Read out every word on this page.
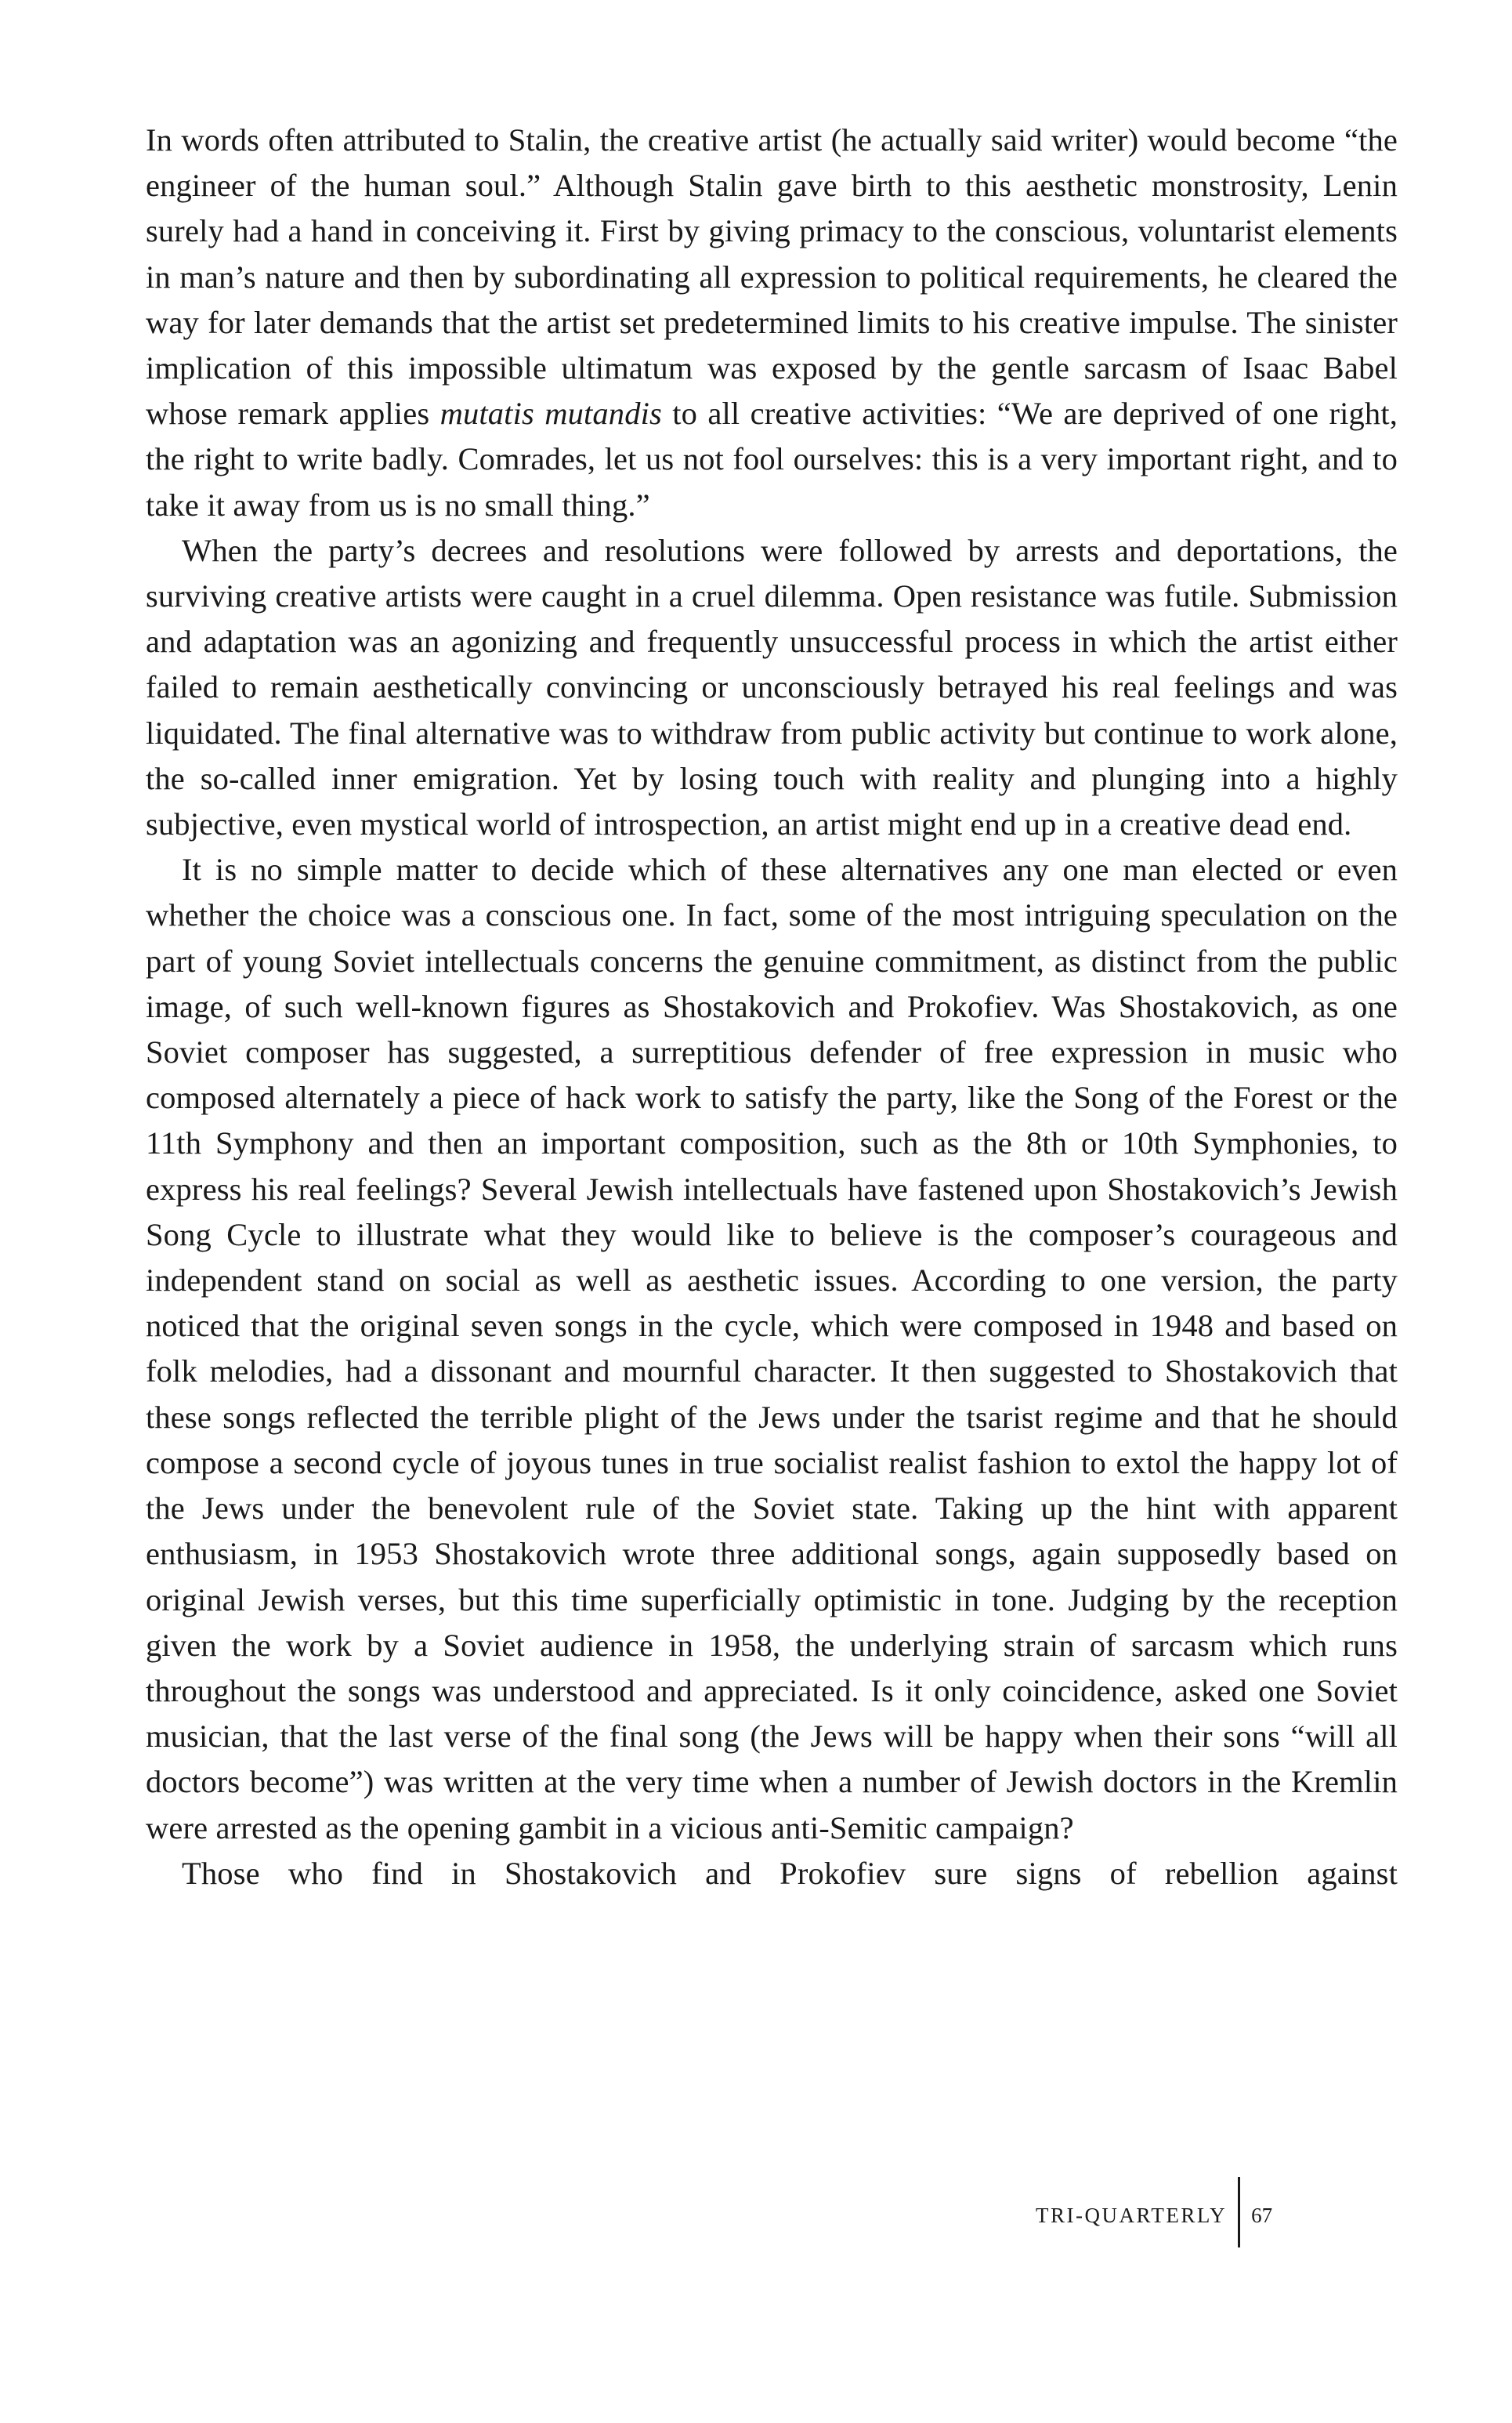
In words often attributed to Stalin, the creative artist (he actually said writer) would become “the engineer of the human soul.” Although Stalin gave birth to this aesthetic monstrosity, Lenin surely had a hand in conceiving it. First by giving primacy to the conscious, voluntarist elements in man’s nature and then by subordinating all expression to political requirements, he cleared the way for later demands that the artist set predetermined limits to his creative impulse. The sinister implication of this impossible ultimatum was exposed by the gentle sarcasm of Isaac Babel whose remark applies mutatis mutandis to all creative activities: “We are deprived of one right, the right to write badly. Comrades, let us not fool ourselves: this is a very important right, and to take it away from us is no small thing.”

When the party’s decrees and resolutions were followed by arrests and deportations, the surviving creative artists were caught in a cruel dilemma. Open resistance was futile. Submission and adaptation was an agonizing and frequently unsuccessful process in which the artist either failed to remain aesthetically convincing or unconsciously betrayed his real feelings and was liquidated. The final alternative was to withdraw from public activity but continue to work alone, the so-called inner emigration. Yet by losing touch with reality and plunging into a highly subjective, even mystical world of introspection, an artist might end up in a creative dead end.

It is no simple matter to decide which of these alternatives any one man elected or even whether the choice was a conscious one. In fact, some of the most intriguing speculation on the part of young Soviet intellectuals concerns the genuine commitment, as distinct from the public image, of such well-known figures as Shostakovich and Prokofiev. Was Shostakovich, as one Soviet composer has suggested, a surreptitious defender of free expression in music who composed alternately a piece of hack work to satisfy the party, like the Song of the Forest or the 11th Symphony and then an important composition, such as the 8th or 10th Symphonies, to express his real feelings? Several Jewish intellectuals have fastened upon Shostakovich’s Jewish Song Cycle to illustrate what they would like to believe is the composer’s courageous and independent stand on social as well as aesthetic issues. According to one version, the party noticed that the original seven songs in the cycle, which were composed in 1948 and based on folk melodies, had a dissonant and mournful character. It then suggested to Shostakovich that these songs reflected the terrible plight of the Jews under the tsarist regime and that he should compose a second cycle of joyous tunes in true socialist realist fashion to extol the happy lot of the Jews under the benevolent rule of the Soviet state. Taking up the hint with apparent enthusiasm, in 1953 Shostakovich wrote three additional songs, again supposedly based on original Jewish verses, but this time superficially optimistic in tone. Judging by the reception given the work by a Soviet audience in 1958, the underlying strain of sarcasm which runs throughout the songs was understood and appreciated. Is it only coincidence, asked one Soviet musician, that the last verse of the final song (the Jews will be happy when their sons “will all doctors become”) was written at the very time when a number of Jewish doctors in the Kremlin were arrested as the opening gambit in a vicious anti-Semitic campaign?

Those who find in Shostakovich and Prokofiev sure signs of rebellion against

TRI-QUARTERLY	67
